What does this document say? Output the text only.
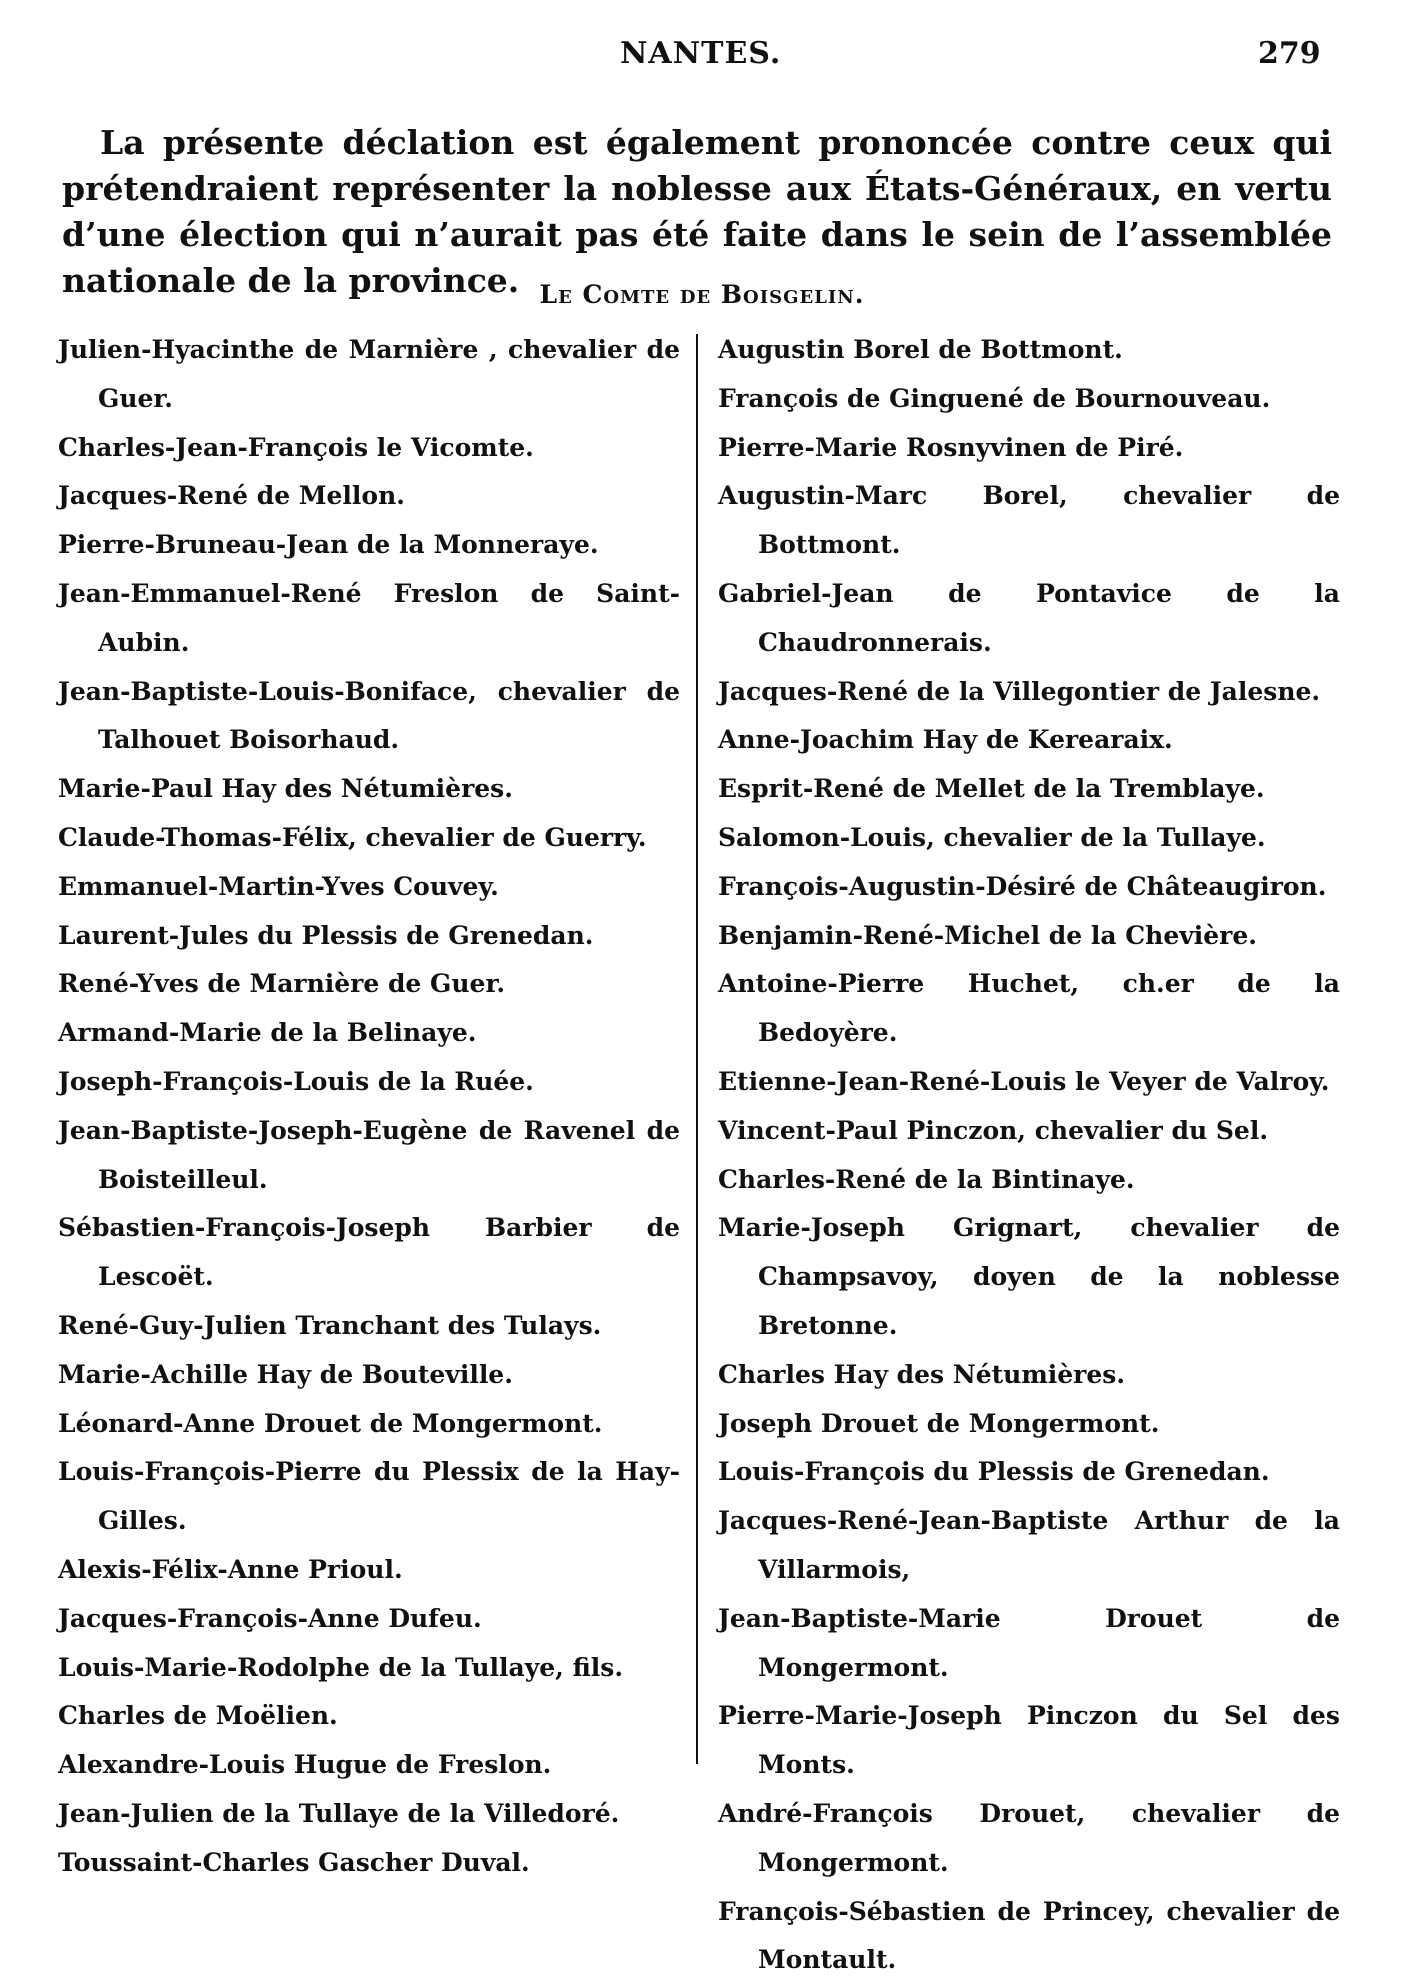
NANTES.	279

La présente déclation est également prononcée contre ceux qui prétendraient représenter la noblesse aux États-Généraux, en vertu d’une élection qui n’aurait pas été faite dans le sein de l’assemblée nationale de la province. Le Comte de Boisgelin.

Julien-Hyacinthe de Marnière , chevalier de Guer.
Charles-Jean-François le Vicomte.
Jacques-René de Mellon.
Pierre-Bruneau-Jean de la Monneraye.
Jean-Emmanuel-René Freslon de Saint-Aubin.
Jean-Baptiste-Louis-Boniface, chevalier de Talhouet Boisorhaud.
Marie-Paul Hay des Nétumières.
Claude-Thomas-Félix, chevalier de Guerry.
Emmanuel-Martin-Yves Couvey.
Laurent-Jules du Plessis de Grenedan.
René-Yves de Marnière de Guer.
Armand-Marie de la Belinaye.
Joseph-François-Louis de la Ruée.
Jean-Baptiste-Joseph-Eugène de Ravenel de Boisteilleul.
Sébastien-François-Joseph Barbier de Lescoët.
René-Guy-Julien Tranchant des Tulays.
Marie-Achille Hay de Bouteville.
Léonard-Anne Drouet de Mongermont.
Louis-François-Pierre du Plessix de la Hay-Gilles.
Alexis-Félix-Anne Prioul.
Jacques-François-Anne Dufeu.
Louis-Marie-Rodolphe de la Tullaye, fils.
Charles de Moëlien.
Alexandre-Louis Hugue de Freslon.
Jean-Julien de la Tullaye de la Villedoré.
Toussaint-Charles Gascher Duval.
Augustin Borel de Bottmont.
François de Ginguené de Bournouveau.
Pierre-Marie Rosnyvinen de Piré.
Augustin-Marc Borel, chevalier de Bottmont.
Gabriel-Jean de Pontavice de la Chaudronnerais.
Jacques-René de la Villegontier de Jalesne.
Anne-Joachim Hay de Kerearaix.
Esprit-René de Mellet de la Tremblaye.
Salomon-Louis, chevalier de la Tullaye.
François-Augustin-Désiré de Châteaugiron.
Benjamin-René-Michel de la Chevière.
Antoine-Pierre Huchet, ch.er de la Bedoyère.
Etienne-Jean-René-Louis le Veyer de Valroy.
Vincent-Paul Pinczon, chevalier du Sel.
Charles-René de la Bintinaye.
Marie-Joseph Grignart, chevalier de Champsavoy, doyen de la noblesse Bretonne.
Charles Hay des Nétumières.
Joseph Drouet de Mongermont.
Louis-François du Plessis de Grenedan.
Jacques-René-Jean-Baptiste Arthur de la Villarmois,
Jean-Baptiste-Marie Drouet de Mongermont.
Pierre-Marie-Joseph Pinczon du Sel des Monts.
André-François Drouet, chevalier de Mongermont.
François-Sébastien de Princey, chevalier de Montault.
